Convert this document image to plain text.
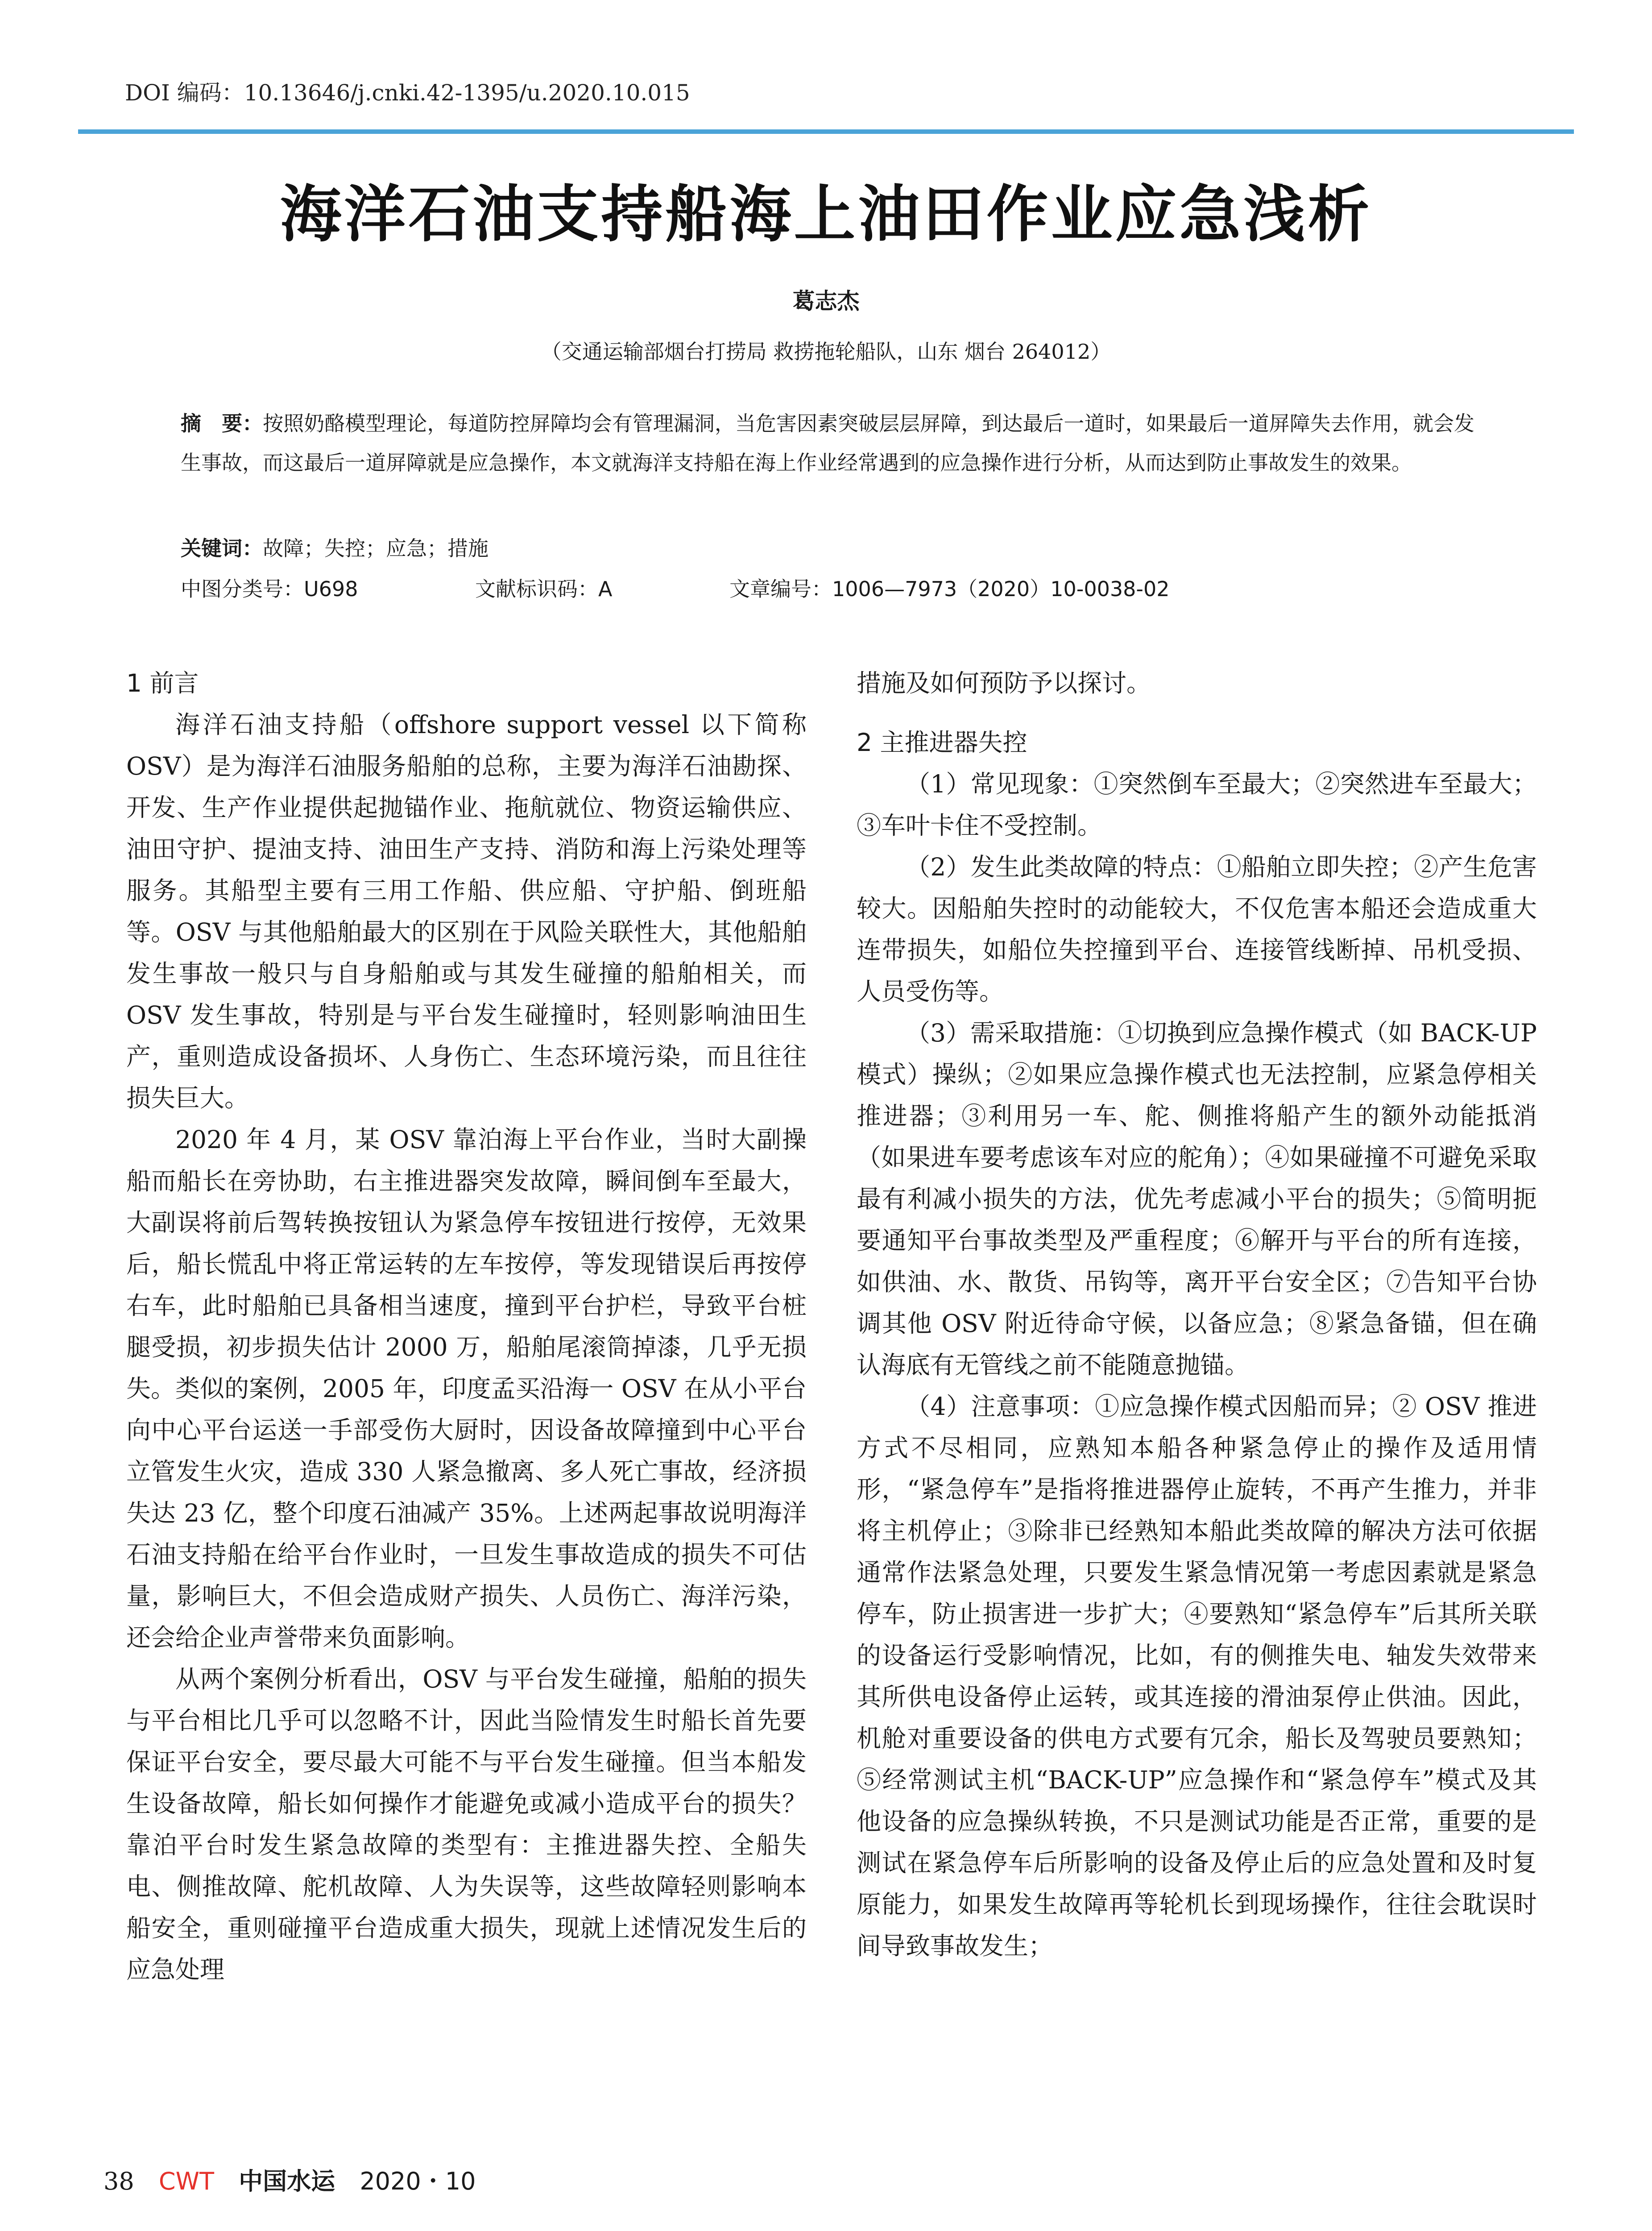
DOI 编码：10.13646/j.cnki.42-1395/u.2020.10.015
海洋石油支持船海上油田作业应急浅析
葛志杰
（交通运输部烟台打捞局 救捞拖轮船队，山东 烟台 264012）
摘　要：按照奶酪模型理论，每道防控屏障均会有管理漏洞，当危害因素突破层层屏障，到达最后一道时，如果最后一道屏障失去作用，就会发生事故，而这最后一道屏障就是应急操作，本文就海洋支持船在海上作业经常遇到的应急操作进行分析，从而达到防止事故发生的效果。
关键词：故障；失控；应急；措施
中图分类号：U698	文献标识码：A	文章编号：1006—7973（2020）10-0038-02
1 前言

海洋石油支持船（offshore support vessel 以下简称 OSV）是为海洋石油服务船舶的总称，主要为海洋石油勘探、开发、生产作业提供起抛锚作业、拖航就位、物资运输供应、油田守护、提油支持、油田生产支持、消防和海上污染处理等服务。其船型主要有三用工作船、供应船、守护船、倒班船等。OSV 与其他船舶最大的区别在于风险关联性大，其他船舶发生事故一般只与自身船舶或与其发生碰撞的船舶相关，而 OSV 发生事故，特别是与平台发生碰撞时，轻则影响油田生产，重则造成设备损坏、人身伤亡、生态环境污染，而且往往损失巨大。

2020 年 4 月，某 OSV 靠泊海上平台作业，当时大副操船而船长在旁协助，右主推进器突发故障，瞬间倒车至最大，大副误将前后驾转换按钮认为紧急停车按钮进行按停，无效果后，船长慌乱中将正常运转的左车按停，等发现错误后再按停右车，此时船舶已具备相当速度，撞到平台护栏，导致平台桩腿受损，初步损失估计 2000 万，船舶尾滚筒掉漆，几乎无损失。类似的案例，2005 年，印度孟买沿海一 OSV 在从小平台向中心平台运送一手部受伤大厨时，因设备故障撞到中心平台立管发生火灾，造成 330 人紧急撤离、多人死亡事故，经济损失达 23 亿，整个印度石油减产 35%。上述两起事故说明海洋石油支持船在给平台作业时，一旦发生事故造成的损失不可估量，影响巨大，不但会造成财产损失、人员伤亡、海洋污染，还会给企业声誉带来负面影响。

从两个案例分析看出，OSV 与平台发生碰撞，船舶的损失与平台相比几乎可以忽略不计，因此当险情发生时船长首先要保证平台安全，要尽最大可能不与平台发生碰撞。但当本船发生设备故障，船长如何操作才能避免或减小造成平台的损失？靠泊平台时发生紧急故障的类型有：主推进器失控、全船失电、侧推故障、舵机故障、人为失误等，这些故障轻则影响本船安全，重则碰撞平台造成重大损失，现就上述情况发生后的应急处理

措施及如何预防予以探讨。

2 主推进器失控

（1）常见现象：①突然倒车至最大；②突然进车至最大；③车叶卡住不受控制。

（2）发生此类故障的特点：①船舶立即失控；②产生危害较大。因船舶失控时的动能较大，不仅危害本船还会造成重大连带损失，如船位失控撞到平台、连接管线断掉、吊机受损、人员受伤等。

（3）需采取措施：①切换到应急操作模式（如 BACK-UP 模式）操纵；②如果应急操作模式也无法控制，应紧急停相关推进器；③利用另一车、舵、侧推将船产生的额外动能抵消（如果进车要考虑该车对应的舵角）；④如果碰撞不可避免采取最有利减小损失的方法，优先考虑减小平台的损失；⑤简明扼要通知平台事故类型及严重程度；⑥解开与平台的所有连接，如供油、水、散货、吊钩等，离开平台安全区；⑦告知平台协调其他 OSV 附近待命守候，以备应急；⑧紧急备锚，但在确认海底有无管线之前不能随意抛锚。

（4）注意事项：①应急操作模式因船而异；② OSV 推进方式不尽相同，应熟知本船各种紧急停止的操作及适用情形，“紧急停车”是指将推进器停止旋转，不再产生推力，并非将主机停止；③除非已经熟知本船此类故障的解决方法可依据通常作法紧急处理，只要发生紧急情况第一考虑因素就是紧急停车，防止损害进一步扩大；④要熟知“紧急停车”后其所关联的设备运行受影响情况，比如，有的侧推失电、轴发失效带来其所供电设备停止运转，或其连接的滑油泵停止供油。因此，机舱对重要设备的供电方式要有冗余，船长及驾驶员要熟知；⑤经常测试主机“BACK-UP”应急操作和“紧急停车”模式及其他设备的应急操纵转换，不只是测试功能是否正常，重要的是测试在紧急停车后所影响的设备及停止后的应急处置和及时复原能力，如果发生故障再等轮机长到现场操作，往往会耽误时间导致事故发生；

38 CWT 中国水运 2020・10
